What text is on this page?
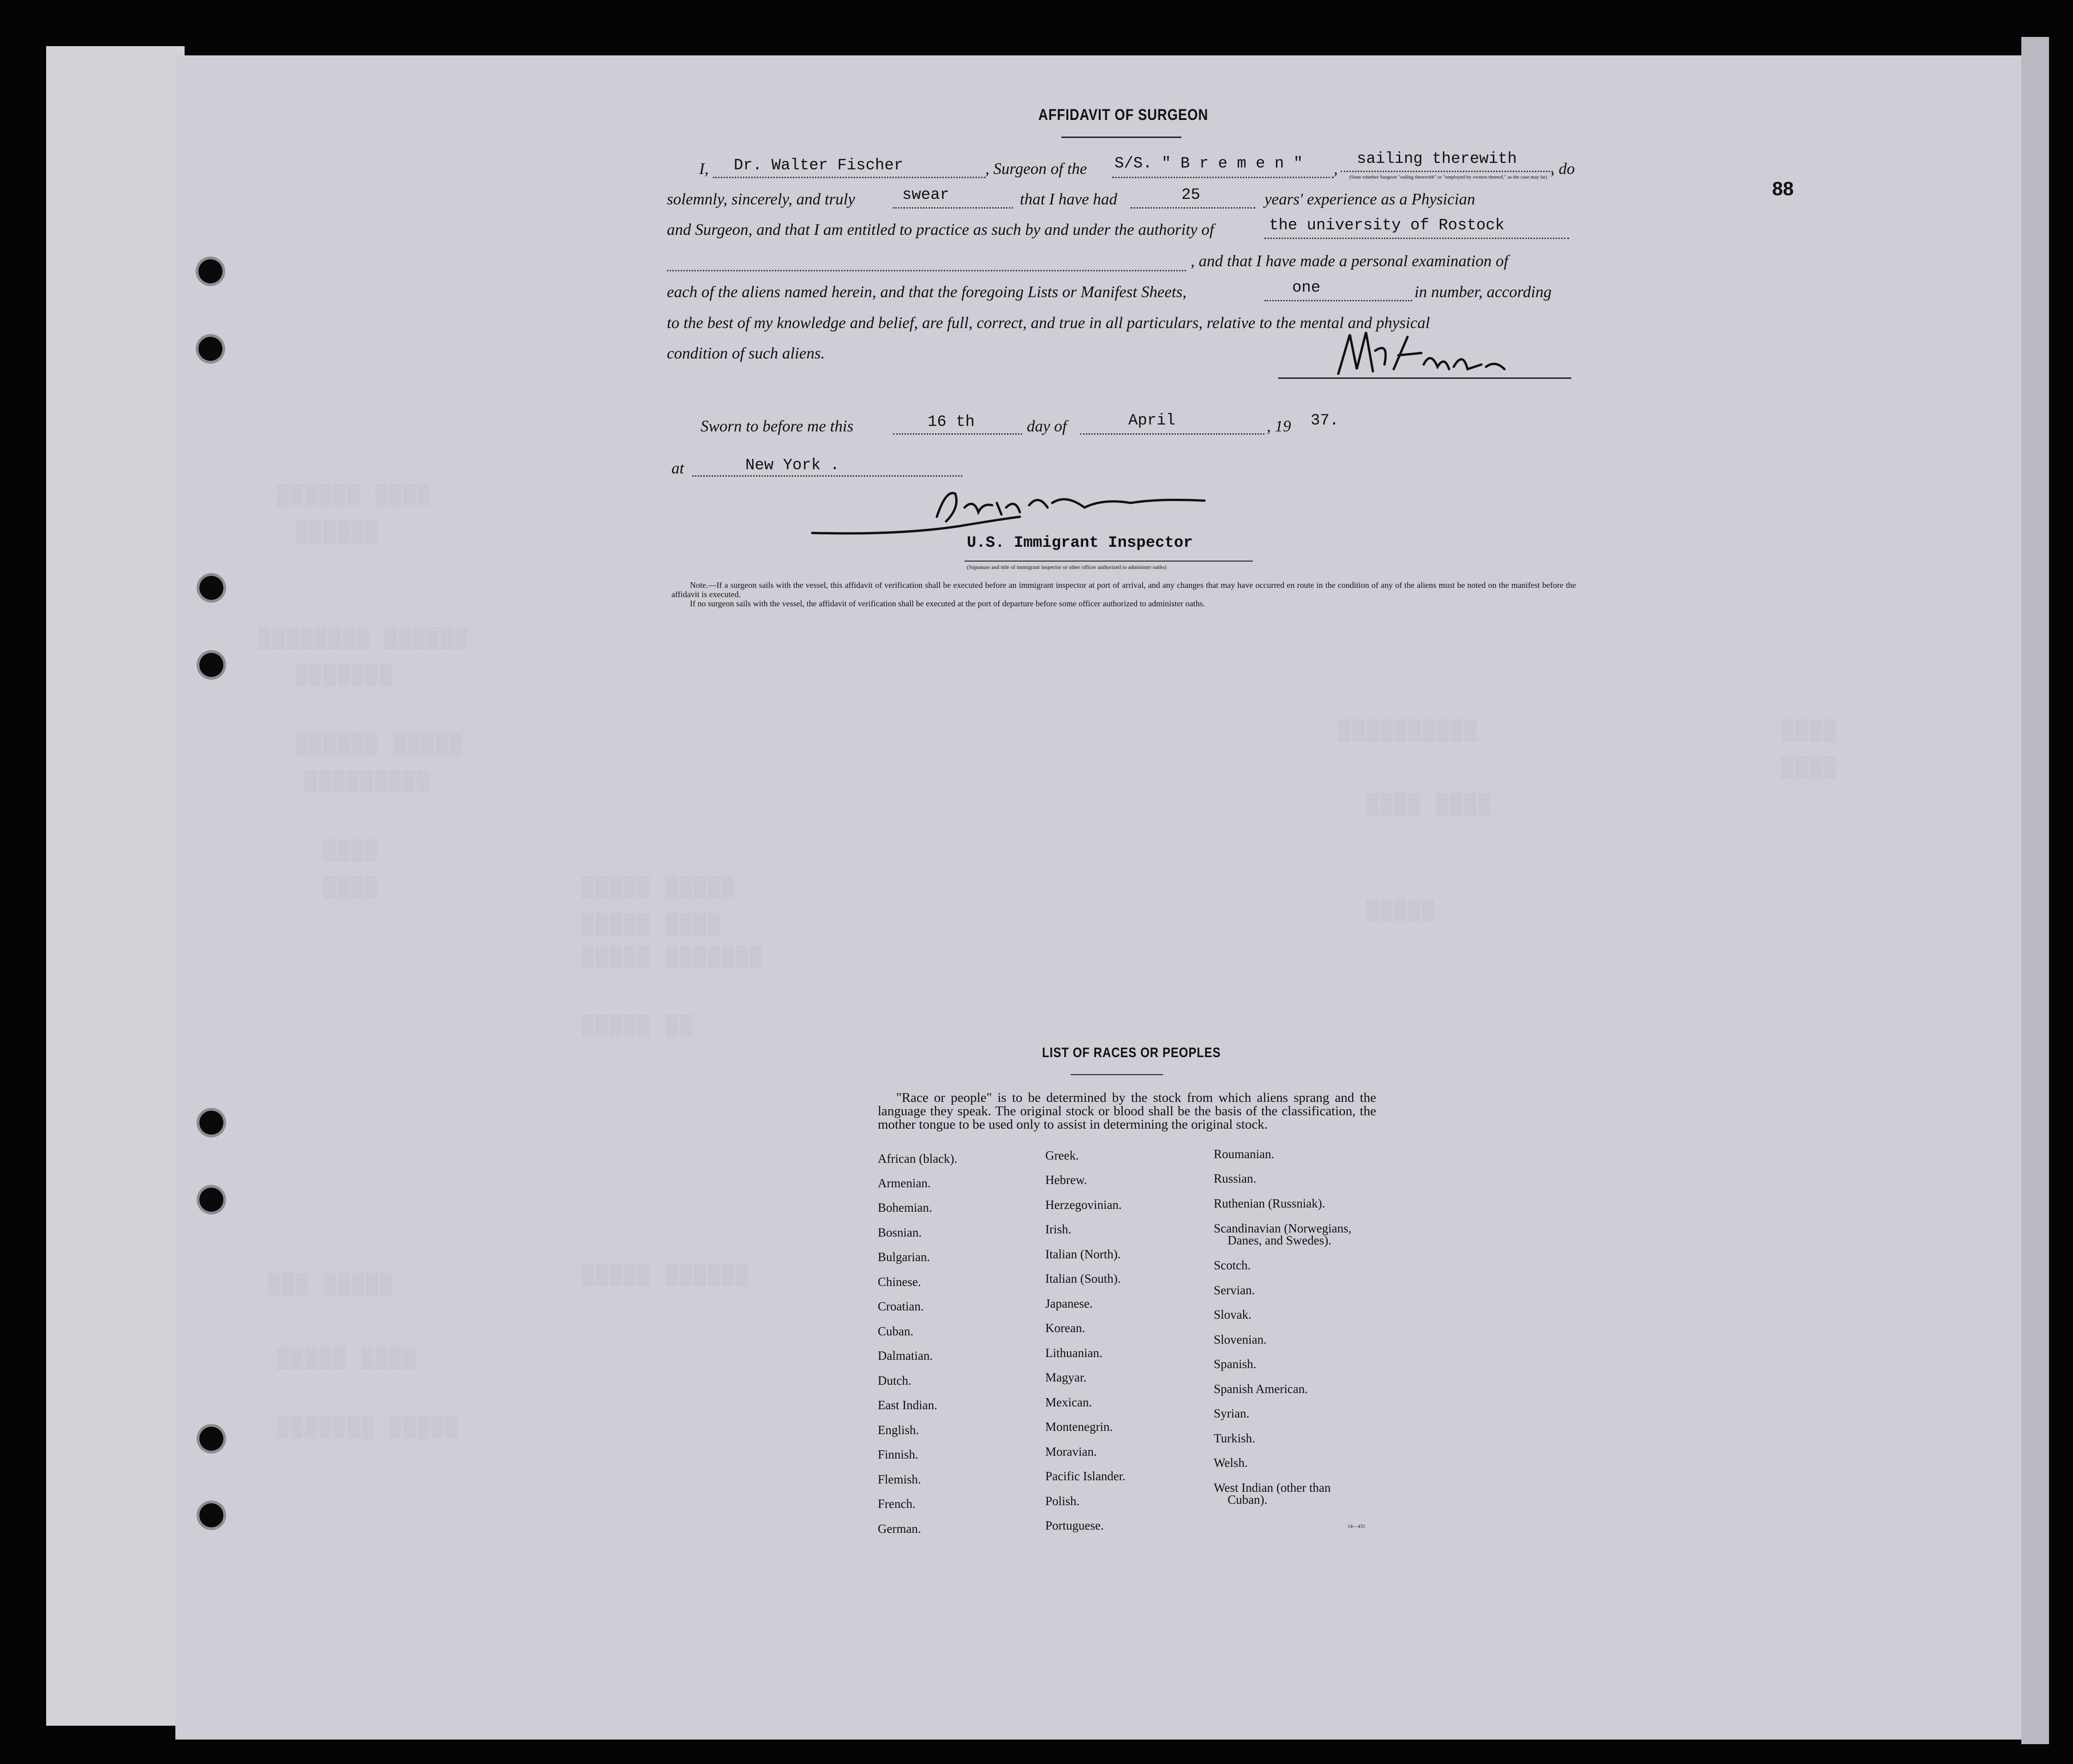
▒▒▒▒▒▒ ▒▒▒▒
▒▒▒▒▒▒
▒▒▒▒▒▒▒▒ ▒▒▒▒▒▒
▒▒▒▒▒▒▒
▒▒▒▒▒▒ ▒▒▒▒▒
▒▒▒▒▒▒▒▒▒
▒▒▒▒
▒▒▒▒	▒▒▒▒▒ ▒▒▒▒▒
▒▒▒▒▒ ▒▒▒▒
▒▒▒▒▒ ▒▒▒▒▒▒▒
▒▒▒▒▒ ▒▒
▒▒▒ ▒▒▒▒▒	▒▒▒▒▒ ▒▒▒▒▒▒
▒▒▒▒▒ ▒▒▒▒
▒▒▒▒▒▒▒ ▒▒▒▒▒
▒▒▒▒▒▒▒▒▒▒
▒▒▒▒ ▒▒▒▒
▒▒▒▒▒
▒▒▒▒
▒▒▒▒
AFFIDAVIT OF SURGEON
88
I, Dr. Walter Fischer	, Surgeon of the S/S. " B r e m e n " ,
sailing therewith
(State whether Surgeon "sailing therewith" or "employed by owners thereof," as the case may be) , do
solemnly, sincerely, and truly	swear	that I have had	25	years' experience as a Physician
and Surgeon, and that I am entitled to practice as such by and under the authority of	the university of Rostock
, and that I have made a personal examination of
each of the aliens named herein, and that the foregoing Lists or Manifest Sheets,	one	in number, according
to the best of my knowledge and belief, are full, correct, and true in all particulars, relative to the mental and physical
condition of such aliens.
Sworn to before me this	16 th	day of	April	, 19 37.
at	New York .
U.S. Immigrant Inspector
(Signature and title of immigrant inspector or other officer authorized to administer oaths)
Note.—If a surgeon sails with the vessel, this affidavit of verification shall be executed before an immigrant inspector at port of arrival, and any changes that may have occurred en route in the condition of any of the aliens must be noted on the manifest before the affidavit is executed.
If no surgeon sails with the vessel, the affidavit of verification shall be executed at the port of departure before some officer authorized to administer oaths.
LIST OF RACES OR PEOPLES
"Race or people" is to be determined by the stock from which aliens sprang and the language they speak. The original stock or blood shall be the basis of the classification, the mother tongue to be used only to assist in determining the original stock.
African (black).
Armenian.
Bohemian.
Bosnian.
Bulgarian.
Chinese.
Croatian.
Cuban.
Dalmatian.
Dutch.
East Indian.
English.
Finnish.
Flemish.
French.
German.
Greek.
Hebrew.
Herzegovinian.
Irish.
Italian (North).
Italian (South).
Japanese.
Korean.
Lithuanian.
Magyar.
Mexican.
Montenegrin.
Moravian.
Pacific Islander.
Polish.
Portuguese.
Roumanian.
Russian.
Ruthenian (Russniak).
Scandinavian (Norwegians,
Danes, and Swedes).
Scotch.
Servian.
Slovak.
Slovenian.
Spanish.
Spanish American.
Syrian.
Turkish.
Welsh.
West Indian (other than
Cuban).
14—431
